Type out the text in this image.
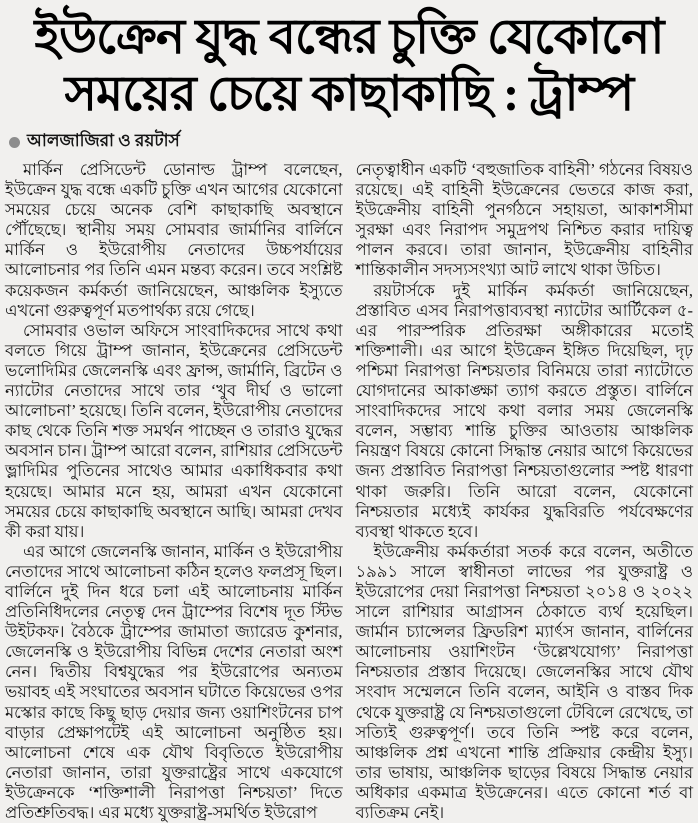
ইউক্রেন যুদ্ধ বন্ধের চুক্তি যেকোনো
সময়ের চেয়ে কাছাকাছি : ট্রাম্প
আলজাজিরা ও রয়টার্স

মার্কিন প্রেসিডেন্ট ডোনাল্ড ট্রাম্প বলেছেন, ইউক্রেন যুদ্ধ বন্ধে একটি চুক্তি এখন আগের যেকোনো সময়ের চেয়ে অনেক বেশি কাছাকাছি অবস্থানে পৌঁছেছে। স্থানীয় সময় সোমবার জার্মানির বার্লিনে মার্কিন ও ইউরোপীয় নেতাদের উচ্চপর্যায়ের আলোচনার পর তিনি এমন মন্তব্য করেন। তবে সংশ্লিষ্ট কয়েকজন কর্মকর্তা জানিয়েছেন, আঞ্চলিক ইস্যুতে এখনো গুরুত্বপূর্ণ মতপার্থক্য রয়ে গেছে।

সোমবার ওভাল অফিসে সাংবাদিকদের সাথে কথা বলতে গিয়ে ট্রাম্প জানান, ইউক্রেনের প্রেসিডেন্ট ভলোদিমির জেলেনস্কি এবং ফ্রান্স, জার্মানি, ব্রিটেন ও ন্যাটোর নেতাদের সাথে তার ‘খুব দীর্ঘ ও ভালো আলোচনা’ হয়েছে। তিনি বলেন, ইউরোপীয় নেতাদের কাছ থেকে তিনি শক্ত সমর্থন পাচ্ছেন ও তারাও যুদ্ধের অবসান চান। ট্রাম্প আরো বলেন, রাশিয়ার প্রেসিডেন্ট ভ্লাদিমির পুতিনের সাথেও আমার একাধিকবার কথা হয়েছে। আমার মনে হয়, আমরা এখন যেকোনো সময়ের চেয়ে কাছাকাছি অবস্থানে আছি। আমরা দেখব কী করা যায়।

এর আগে জেলেনস্কি জানান, মার্কিন ও ইউরোপীয় নেতাদের সাথে আলোচনা কঠিন হলেও ফলপ্রসূ ছিল। বার্লিনে দুই দিন ধরে চলা এই আলোচনায় মার্কিন প্রতিনিধিদলের নেতৃত্ব দেন ট্রাম্পের বিশেষ দূত স্টিভ উইটকফ। বৈঠকে ট্রাম্পের জামাতা জ্যারেড কুশনার, জেলেনস্কি ও ইউরোপীয় বিভিন্ন দেশের নেতারা অংশ নেন। দ্বিতীয় বিশ্বযুদ্ধের পর ইউরোপের অন্যতম ভয়াবহ এই সংঘাতের অবসান ঘটাতে কিয়েভের ওপর মস্কোর কাছে কিছু ছাড় দেয়ার জন্য ওয়াশিংটনের চাপ বাড়ার প্রেক্ষাপটেই এই আলোচনা অনুষ্ঠিত হয়। আলোচনা শেষে এক যৌথ বিবৃতিতে ইউরোপীয় নেতারা জানান, তারা যুক্তরাষ্ট্রের সাথে একযোগে ইউক্রেনকে ‘শক্তিশালী নিরাপত্তা নিশ্চয়তা’ দিতে প্রতিশ্রুতিবদ্ধ। এর মধ্যে যুক্তরাষ্ট্র-সমর্থিত ইউরোপ

নেতৃত্বাধীন একটি ‘বহুজাতিক বাহিনী’ গঠনের বিষয়ও রয়েছে। এই বাহিনী ইউক্রেনের ভেতরে কাজ করা, ইউক্রেনীয় বাহিনী পুনর্গঠনে সহায়তা, আকাশসীমা সুরক্ষা এবং নিরাপদ সমুদ্রপথ নিশ্চিত করার দায়িত্ব পালন করবে। তারা জানান, ইউক্রেনীয় বাহিনীর শান্তিকালীন সদস্যসংখ্যা আট লাখে থাকা উচিত।

রয়টার্সকে দুই মার্কিন কর্মকর্তা জানিয়েছেন, প্রস্তাবিত এসব নিরাপত্তাব্যবস্থা ন্যাটোর আর্টিকেল ৫-এর পারস্পরিক প্রতিরক্ষা অঙ্গীকারের মতোই শক্তিশালী। এর আগে ইউক্রেন ইঙ্গিত দিয়েছিল, দৃঢ় পশ্চিমা নিরাপত্তা নিশ্চয়তার বিনিময়ে তারা ন্যাটোতে যোগদানের আকাঙ্ক্ষা ত্যাগ করতে প্রস্তুত। বার্লিনে সাংবাদিকদের সাথে কথা বলার সময় জেলেনস্কি বলেন, সম্ভাব্য শান্তি চুক্তির আওতায় আঞ্চলিক নিয়ন্ত্রণ বিষয়ে কোনো সিদ্ধান্ত নেয়ার আগে কিয়েভের জন্য প্রস্তাবিত নিরাপত্তা নিশ্চয়তাগুলোর স্পষ্ট ধারণা থাকা জরুরি। তিনি আরো বলেন, যেকোনো নিশ্চয়তার মধ্যেই কার্যকর যুদ্ধবিরতি পর্যবেক্ষণের ব্যবস্থা থাকতে হবে।

ইউক্রেনীয় কর্মকর্তারা সতর্ক করে বলেন, অতীতে ১৯৯১ সালে স্বাধীনতা লাভের পর যুক্তরাষ্ট্র ও ইউরোপের দেয়া নিরাপত্তা নিশ্চয়তা ২০১৪ ও ২০২২ সালে রাশিয়ার আগ্রাসন ঠেকাতে ব্যর্থ হয়েছিল। জার্মান চ্যান্সেলর ফ্রিডরিশ ম্যার্ৎস জানান, বার্লিনের আলোচনায় ওয়াশিংটন ‘উল্লেখযোগ্য’ নিরাপত্তা নিশ্চয়তার প্রস্তাব দিয়েছে। জেলেনস্কির সাথে যৌথ সংবাদ সম্মেলনে তিনি বলেন, আইনি ও বাস্তব দিক থেকে যুক্তরাষ্ট্র যে নিশ্চয়তাগুলো টেবিলে রেখেছে, তা সত্যিই গুরুত্বপূর্ণ। তবে তিনি স্পষ্ট করে বলেন, আঞ্চলিক প্রশ্ন এখনো শান্তি প্রক্রিয়ার কেন্দ্রীয় ইস্যু। তার ভাষায়, আঞ্চলিক ছাড়ের বিষয়ে সিদ্ধান্ত নেয়ার অধিকার একমাত্র ইউক্রেনের। এতে কোনো শর্ত বা ব্যতিক্রম নেই।
